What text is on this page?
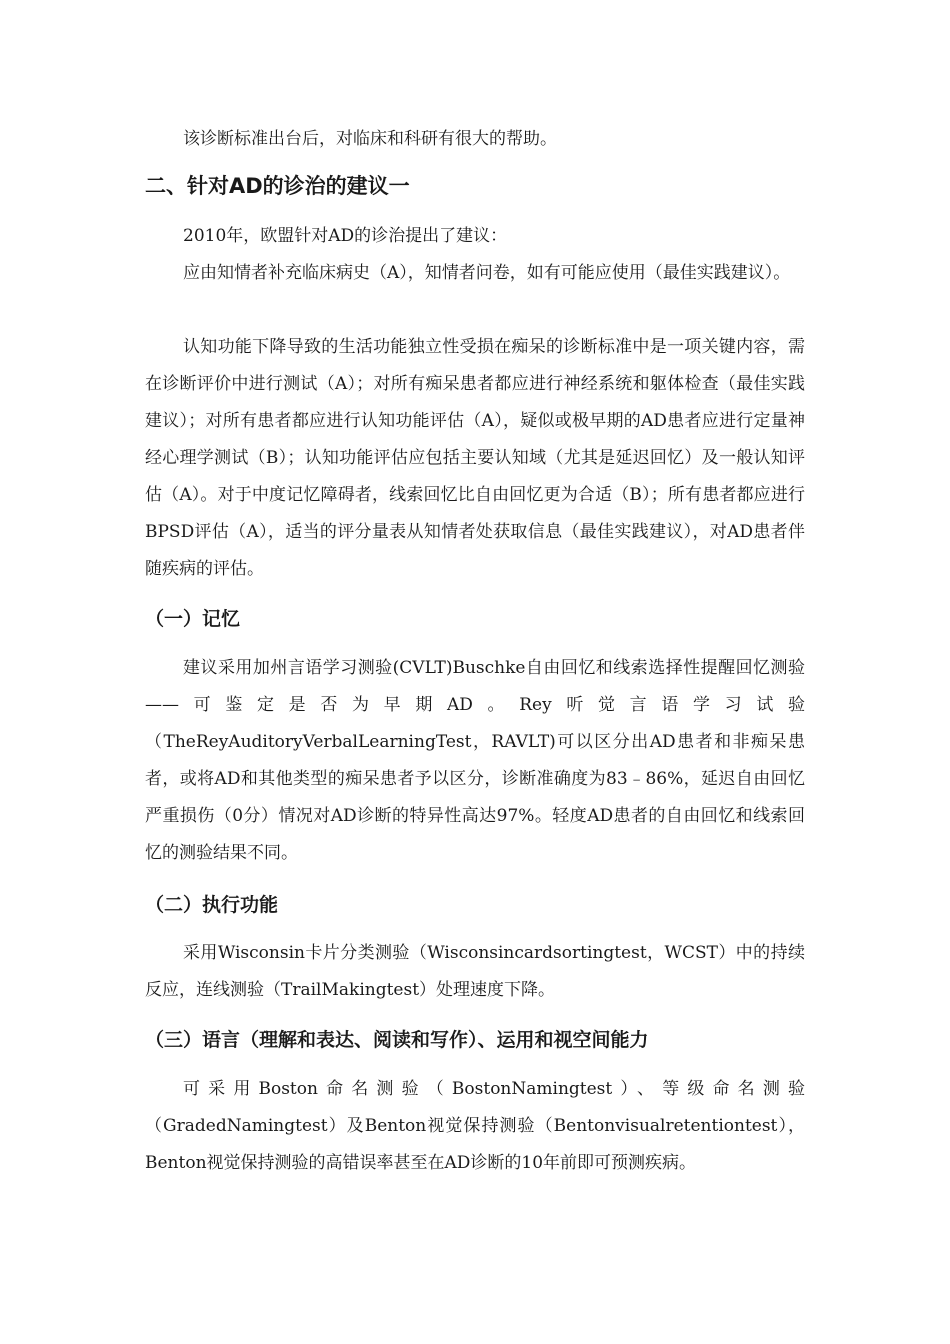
该诊断标准出台后，对临床和科研有很大的帮助。

二、针对AD的诊治的建议一

2010年，欧盟针对AD的诊治提出了建议：

应由知情者补充临床病史（A），知情者问卷，如有可能应使用（最佳实践建议）。

认知功能下降导致的生活功能独立性受损在痴呆的诊断标准中是一项关键内容，需在诊断评价中进行测试（A）；对所有痴呆患者都应进行神经系统和躯体检查（最佳实践建议）；对所有患者都应进行认知功能评估（A），疑似或极早期的AD患者应进行定量神经心理学测试（B）；认知功能评估应包括主要认知域（尤其是延迟回忆）及一般认知评估（A）。对于中度记忆障碍者，线索回忆比自由回忆更为合适（B）；所有患者都应进行BPSD评估（A），适当的评分量表从知情者处获取信息（最佳实践建议），对AD患者伴随疾病的评估。

（一）记忆

建议采用加州言语学习测验(CVLT)Buschke自由回忆和线索选择性提醒回忆测验——可鉴定是否为早期AD。Rey听觉言语学习试验（TheReyAuditoryVerbalLearningTest，RAVLT)可以区分出AD患者和非痴呆患者，或将AD和其他类型的痴呆患者予以区分，诊断准确度为83﹣86%，延迟自由回忆严重损伤（0分）情况对AD诊断的特异性高达97%。轻度AD患者的自由回忆和线索回忆的测验结果不同。

（二）执行功能

采用Wisconsin卡片分类测验（Wisconsincardsortingtest，WCST）中的持续反应，连线测验（TrailMakingtest）处理速度下降。

（三）语言（理解和表达、阅读和写作）、运用和视空间能力

可采用Boston命名测验（BostonNamingtest）、等级命名测验（GradedNamingtest）及Benton视觉保持测验（Bentonvisualretentiontest），Benton视觉保持测验的高错误率甚至在AD诊断的10年前即可预测疾病。
